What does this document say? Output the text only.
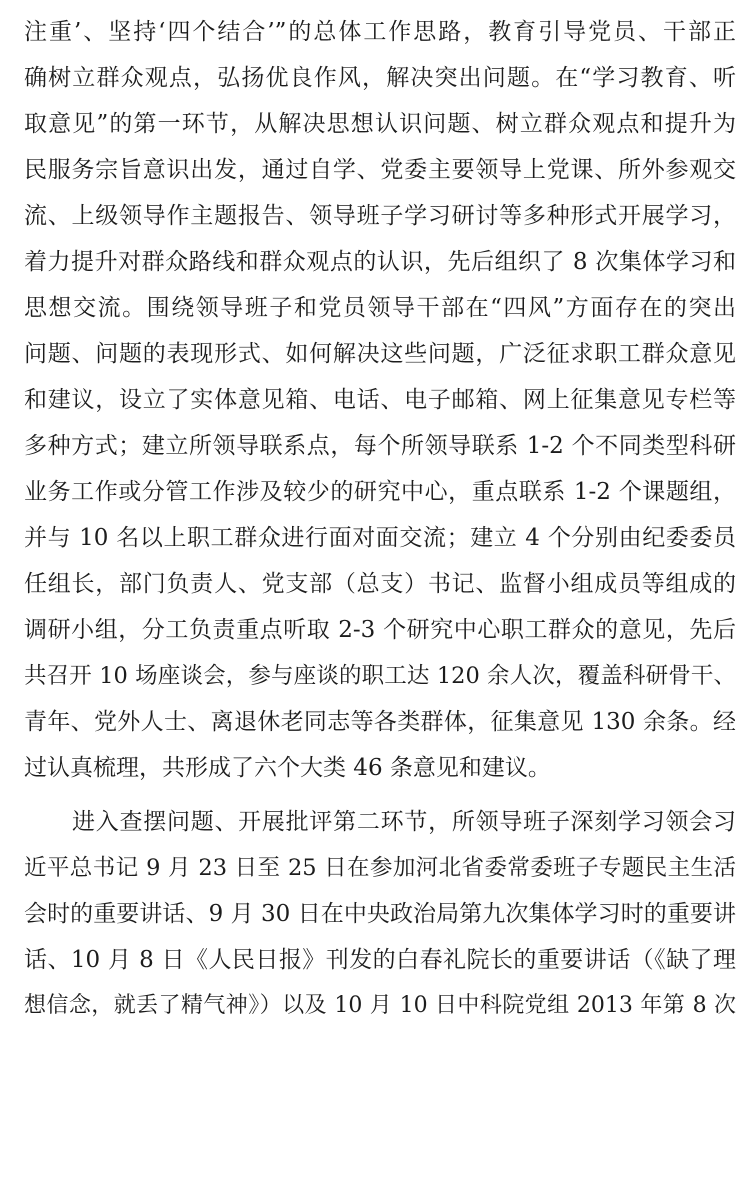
注重’、坚持‘四个结合’”的总体工作思路，教育引导党员、干部正
确树立群众观点，弘扬优良作风，解决突出问题。在“学习教育、听
取意见”的第一环节，从解决思想认识问题、树立群众观点和提升为
民服务宗旨意识出发，通过自学、党委主要领导上党课、所外参观交
流、上级领导作主题报告、领导班子学习研讨等多种形式开展学习，
着力提升对群众路线和群众观点的认识，先后组织了 8 次集体学习和
思想交流。围绕领导班子和党员领导干部在“四风”方面存在的突出
问题、问题的表现形式、如何解决这些问题，广泛征求职工群众意见
和建议，设立了实体意见箱、电话、电子邮箱、网上征集意见专栏等
多种方式；建立所领导联系点，每个所领导联系 1-2 个不同类型科研
业务工作或分管工作涉及较少的研究中心，重点联系 1-2 个课题组，
并与 10 名以上职工群众进行面对面交流；建立 4 个分别由纪委委员
任组长，部门负责人、党支部（总支）书记、监督小组成员等组成的
调研小组，分工负责重点听取 2-3 个研究中心职工群众的意见，先后
共召开 10 场座谈会，参与座谈的职工达 120 余人次，覆盖科研骨干、
青年、党外人士、离退休老同志等各类群体，征集意见 130 余条。经
过认真梳理，共形成了六个大类 46 条意见和建议。
进入查摆问题、开展批评第二环节，所领导班子深刻学习领会习
近平总书记 9 月 23 日至 25 日在参加河北省委常委班子专题民主生活
会时的重要讲话、9 月 30 日在中央政治局第九次集体学习时的重要讲
话、10 月 8 日《人民日报》刊发的白春礼院长的重要讲话（《缺了理
想信念，就丢了精气神》）以及 10 月 10 日中科院党组 2013 年第 8 次
